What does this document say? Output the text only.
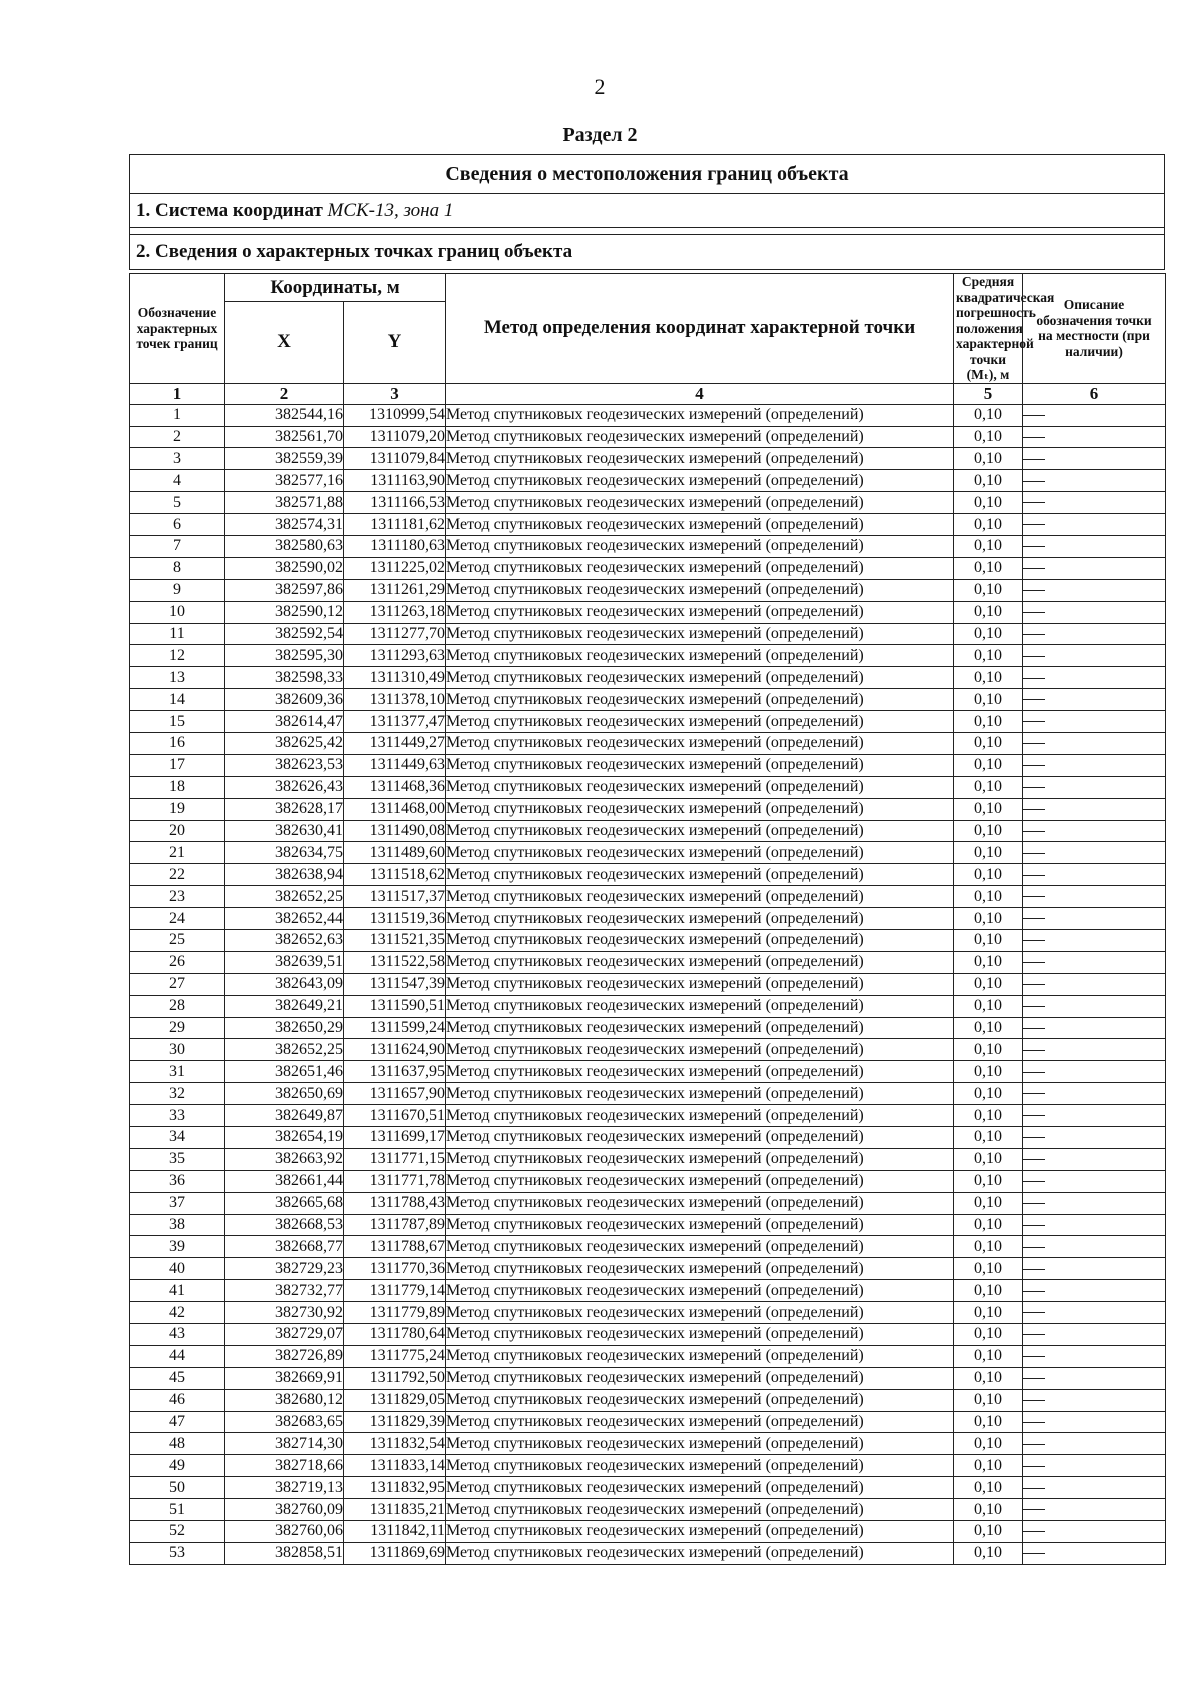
2
Раздел 2
Сведения о местоположения границ объекта
1. Система координат МСК-13, зона 1
2. Сведения о характерных точках границ объекта
Обозначение характерных точек границ	Координаты, м		Метод определения координат характерной точки	Средняя квадратическая погрешность положения характерной точки (Mₜ), м	Описание обозначения точки на местности (при наличии)
	X	Y			
1	2	3	4	5	6
1	382544,16	1310999,54	Метод спутниковых геодезических измерений (определений)	0,10	
2	382561,70	1311079,20	Метод спутниковых геодезических измерений (определений)	0,10	
3	382559,39	1311079,84	Метод спутниковых геодезических измерений (определений)	0,10	
4	382577,16	1311163,90	Метод спутниковых геодезических измерений (определений)	0,10	
5	382571,88	1311166,53	Метод спутниковых геодезических измерений (определений)	0,10	
6	382574,31	1311181,62	Метод спутниковых геодезических измерений (определений)	0,10	
7	382580,63	1311180,63	Метод спутниковых геодезических измерений (определений)	0,10	
8	382590,02	1311225,02	Метод спутниковых геодезических измерений (определений)	0,10	
9	382597,86	1311261,29	Метод спутниковых геодезических измерений (определений)	0,10	
10	382590,12	1311263,18	Метод спутниковых геодезических измерений (определений)	0,10	
11	382592,54	1311277,70	Метод спутниковых геодезических измерений (определений)	0,10	
12	382595,30	1311293,63	Метод спутниковых геодезических измерений (определений)	0,10	
13	382598,33	1311310,49	Метод спутниковых геодезических измерений (определений)	0,10	
14	382609,36	1311378,10	Метод спутниковых геодезических измерений (определений)	0,10	
15	382614,47	1311377,47	Метод спутниковых геодезических измерений (определений)	0,10	
16	382625,42	1311449,27	Метод спутниковых геодезических измерений (определений)	0,10	
17	382623,53	1311449,63	Метод спутниковых геодезических измерений (определений)	0,10	
18	382626,43	1311468,36	Метод спутниковых геодезических измерений (определений)	0,10	
19	382628,17	1311468,00	Метод спутниковых геодезических измерений (определений)	0,10	
20	382630,41	1311490,08	Метод спутниковых геодезических измерений (определений)	0,10	
21	382634,75	1311489,60	Метод спутниковых геодезических измерений (определений)	0,10	
22	382638,94	1311518,62	Метод спутниковых геодезических измерений (определений)	0,10	
23	382652,25	1311517,37	Метод спутниковых геодезических измерений (определений)	0,10	
24	382652,44	1311519,36	Метод спутниковых геодезических измерений (определений)	0,10	
25	382652,63	1311521,35	Метод спутниковых геодезических измерений (определений)	0,10	
26	382639,51	1311522,58	Метод спутниковых геодезических измерений (определений)	0,10	
27	382643,09	1311547,39	Метод спутниковых геодезических измерений (определений)	0,10	
28	382649,21	1311590,51	Метод спутниковых геодезических измерений (определений)	0,10	
29	382650,29	1311599,24	Метод спутниковых геодезических измерений (определений)	0,10	
30	382652,25	1311624,90	Метод спутниковых геодезических измерений (определений)	0,10	
31	382651,46	1311637,95	Метод спутниковых геодезических измерений (определений)	0,10	
32	382650,69	1311657,90	Метод спутниковых геодезических измерений (определений)	0,10	
33	382649,87	1311670,51	Метод спутниковых геодезических измерений (определений)	0,10	
34	382654,19	1311699,17	Метод спутниковых геодезических измерений (определений)	0,10	
35	382663,92	1311771,15	Метод спутниковых геодезических измерений (определений)	0,10	
36	382661,44	1311771,78	Метод спутниковых геодезических измерений (определений)	0,10	
37	382665,68	1311788,43	Метод спутниковых геодезических измерений (определений)	0,10	
38	382668,53	1311787,89	Метод спутниковых геодезических измерений (определений)	0,10	
39	382668,77	1311788,67	Метод спутниковых геодезических измерений (определений)	0,10	
40	382729,23	1311770,36	Метод спутниковых геодезических измерений (определений)	0,10	
41	382732,77	1311779,14	Метод спутниковых геодезических измерений (определений)	0,10	
42	382730,92	1311779,89	Метод спутниковых геодезических измерений (определений)	0,10	
43	382729,07	1311780,64	Метод спутниковых геодезических измерений (определений)	0,10	
44	382726,89	1311775,24	Метод спутниковых геодезических измерений (определений)	0,10	
45	382669,91	1311792,50	Метод спутниковых геодезических измерений (определений)	0,10	
46	382680,12	1311829,05	Метод спутниковых геодезических измерений (определений)	0,10	
47	382683,65	1311829,39	Метод спутниковых геодезических измерений (определений)	0,10	
48	382714,30	1311832,54	Метод спутниковых геодезических измерений (определений)	0,10	
49	382718,66	1311833,14	Метод спутниковых геодезических измерений (определений)	0,10	
50	382719,13	1311832,95	Метод спутниковых геодезических измерений (определений)	0,10	
51	382760,09	1311835,21	Метод спутниковых геодезических измерений (определений)	0,10	
52	382760,06	1311842,11	Метод спутниковых геодезических измерений (определений)	0,10	
53	382858,51	1311869,69	Метод спутниковых геодезических измерений (определений)	0,10	
